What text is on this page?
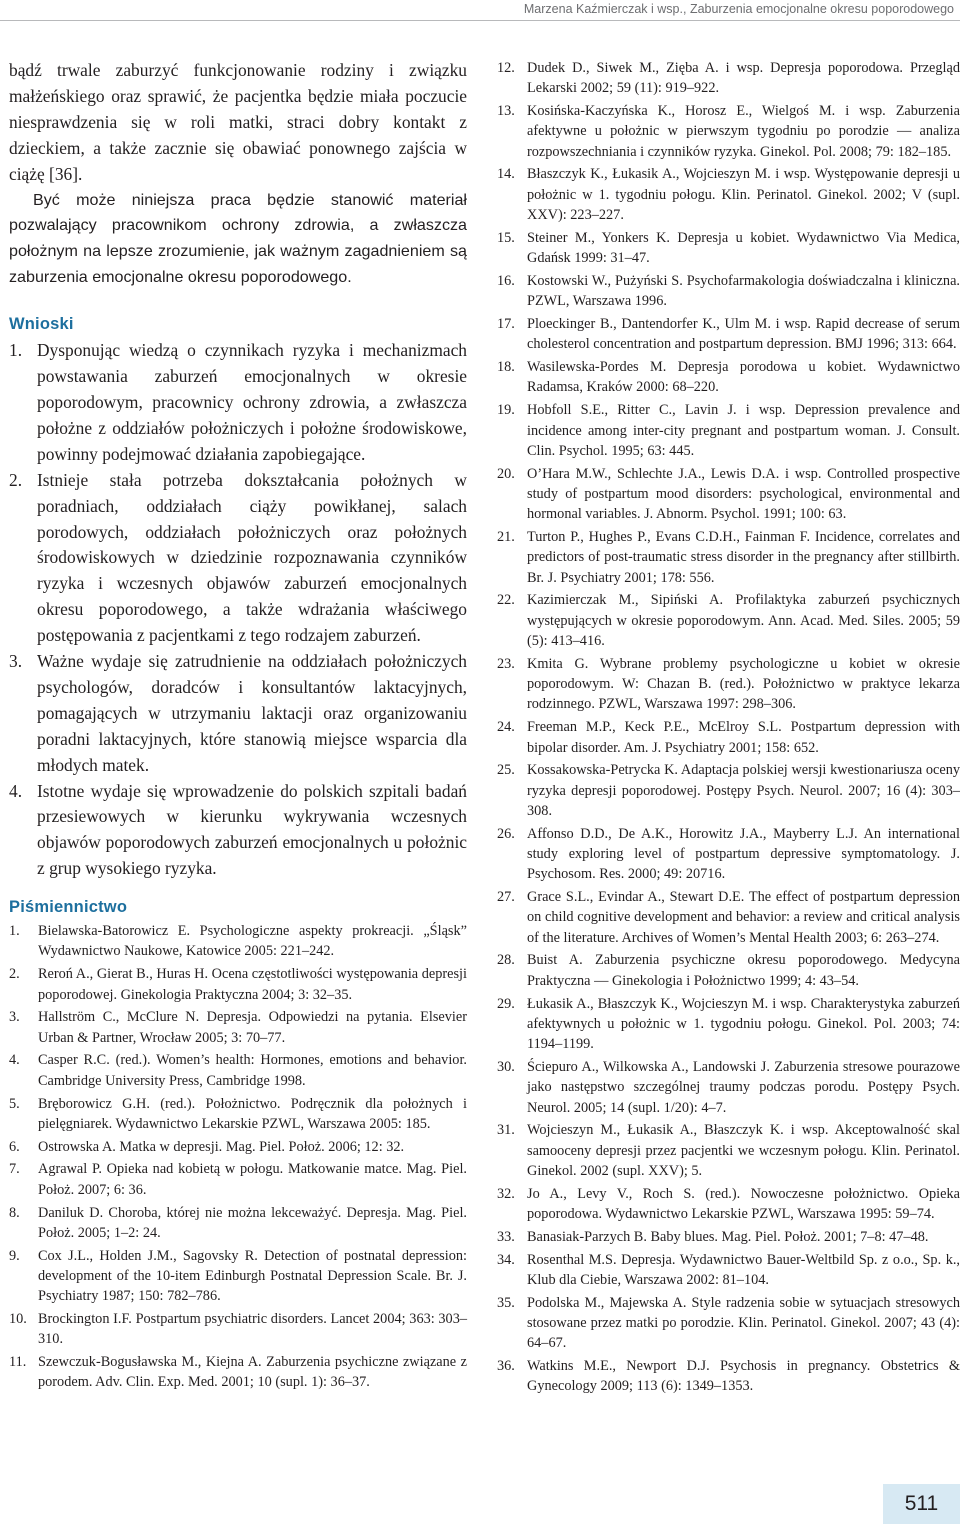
Marzena Kaźmierczak i wsp., Zaburzenia emocjonalne okresu poporodowego

bądź trwale zaburzyć funkcjonowanie rodziny i związku małżeńskiego oraz sprawić, że pacjentka będzie miała poczucie niesprawdzenia się w roli matki, straci dobry kontakt z dzieckiem, a także zacznie się obawiać ponownego zajścia w ciążę [36].

Być może niniejsza praca będzie stanowić materiał pozwalający pracownikom ochrony zdrowia, a zwłaszcza położnym na lepsze zrozumienie, jak ważnym zagadnieniem są zaburzenia emocjonalne okresu poporodowego.

Wnioski
1. Dysponując wiedzą o czynnikach ryzyka i mechanizmach powstawania zaburzeń emocjonalnych w okresie poporodowym, pracownicy ochrony zdrowia, a zwłaszcza położne z oddziałów położniczych i położne środowiskowe, powinny podejmować działania zapobiegające.
2. Istnieje stała potrzeba dokształcania położnych w poradniach, oddziałach ciąży powikłanej, salach porodowych, oddziałach położniczych oraz położnych środowiskowych w dziedzinie rozpoznawania czynników ryzyka i wczesnych objawów zaburzeń emocjonalnych okresu poporodowego, a także wdrażania właściwego postępowania z pacjentkami z tego rodzajem zaburzeń.
3. Ważne wydaje się zatrudnienie na oddziałach położniczych psychologów, doradców i konsultantów laktacyjnych, pomagających w utrzymaniu laktacji oraz organizowaniu poradni laktacyjnych, które stanowią miejsce wsparcia dla młodych matek.
4. Istotne wydaje się wprowadzenie do polskich szpitali badań przesiewowych w kierunku wykrywania wczesnych objawów poporodowych zaburzeń emocjonalnych u położnic z grup wysokiego ryzyka.
Piśmiennictwo
1.	Bielawska-Batorowicz E. Psychologiczne aspekty prokreacji. „Śląsk” Wydawnictwo Naukowe, Katowice 2005: 221–242.
2.	Reroń A., Gierat B., Huras H. Ocena częstotliwości występowania depresji poporodowej. Ginekologia Praktyczna 2004; 3: 32–35.
3.	Hallström C., McClure N. Depresja. Odpowiedzi na pytania. Elsevier Urban & Partner, Wrocław 2005; 3: 70–77.
4.	Casper R.C. (red.). Women’s health: Hormones, emotions and behavior. Cambridge University Press, Cambridge 1998.
5.	Bręborowicz G.H. (red.). Położnictwo. Podręcznik dla położnych i pielęgniarek. Wydawnictwo Lekarskie PZWL, Warszawa 2005: 185.
6.	Ostrowska A. Matka w depresji. Mag. Piel. Położ. 2006; 12: 32.
7.	Agrawal P. Opieka nad kobietą w połogu. Matkowanie matce. Mag. Piel. Położ. 2007; 6: 36.
8.	Daniluk D. Choroba, której nie można lekceważyć. Depresja. Mag. Piel. Położ. 2005; 1–2: 24.
9.	Cox J.L., Holden J.M., Sagovsky R. Detection of postnatal depression: development of the 10-item Edinburgh Postnatal Depression Scale. Br. J. Psychiatry 1987; 150: 782–786.
10. Brockington I.F. Postpartum psychiatric disorders. Lancet 2004; 363: 303–310.
11. Szewczuk-Bogusławska M., Kiejna A. Zaburzenia psychiczne związane z porodem. Adv. Clin. Exp. Med. 2001; 10 (supl. 1): 36–37.
12. Dudek D., Siwek M., Zięba A. i wsp. Depresja poporodowa. Przegląd Lekarski 2002; 59 (11): 919–922.
13. Kosińska-Kaczyńska K., Horosz E., Wielgoś M. i wsp. Zaburzenia afektywne u położnic w pierwszym tygodniu po porodzie — analiza rozpowszechniania i czynników ryzyka. Ginekol. Pol. 2008; 79: 182–185.
14. Błaszczyk K., Łukasik A., Wojcieszyn M. i wsp. Występowanie depresji u położnic w 1. tygodniu połogu. Klin. Perinatol. Ginekol. 2002; V (supl. XXV): 223–227.
15. Steiner M., Yonkers K. Depresja u kobiet. Wydawnictwo Via Medica, Gdańsk 1999: 31–47.
16. Kostowski W., Pużyński S. Psychofarmakologia doświadczalna i kliniczna. PZWL, Warszawa 1996.
17. Ploeckinger B., Dantendorfer K., Ulm M. i wsp. Rapid decrease of serum cholesterol concentration and postpartum depression. BMJ 1996; 313: 664.
18. Wasilewska-Pordes M. Depresja porodowa u kobiet. Wydawnictwo Radamsa, Kraków 2000: 68–220.
19. Hobfoll S.E., Ritter C., Lavin J. i wsp. Depression prevalence and incidence among inter-city pregnant and postpartum woman. J. Consult. Clin. Psychol. 1995; 63: 445.
20. O’Hara M.W., Schlechte J.A., Lewis D.A. i wsp. Controlled prospective study of postpartum mood disorders: psychological, environmental and hormonal variables. J. Abnorm. Psychol. 1991; 100: 63.
21. Turton P., Hughes P., Evans C.D.H., Fainman F. Incidence, correlates and predictors of post-traumatic stress disorder in the pregnancy after stillbirth. Br. J. Psychiatry 2001; 178: 556.
22. Kazimierczak M., Sipiński A. Profilaktyka zaburzeń psychicznych występujących w okresie poporodowym. Ann. Acad. Med. Siles. 2005; 59 (5): 413–416.
23. Kmita G. Wybrane problemy psychologiczne u kobiet w okresie poporodowym. W: Chazan B. (red.). Położnictwo w praktyce lekarza rodzinnego. PZWL, Warszawa 1997: 298–306.
24. Freeman M.P., Keck P.E., McElroy S.L. Postpartum depression with bipolar disorder. Am. J. Psychiatry 2001; 158: 652.
25. Kossakowska-Petrycka K. Adaptacja polskiej wersji kwestionariusza oceny ryzyka depresji poporodowej. Postępy Psych. Neurol. 2007; 16 (4): 303–308.
26. Affonso D.D., De A.K., Horowitz J.A., Mayberry L.J. An international study exploring level of postpartum depressive symptomatology. J. Psychosom. Res. 2000; 49: 20716.
27. Grace S.L., Evindar A., Stewart D.E. The effect of postpartum depression on child cognitive development and behavior: a review and critical analysis of the literature. Archives of Women’s Mental Health 2003; 6: 263–274.
28. Buist A. Zaburzenia psychiczne okresu poporodowego. Medycyna Praktyczna — Ginekologia i Położnictwo 1999; 4: 43–54.
29. Łukasik A., Błaszczyk K., Wojcieszyn M. i wsp. Charakterystyka zaburzeń afektywnych u położnic w 1. tygodniu połogu. Ginekol. Pol. 2003; 74: 1194–1199.
30. Ściepuro A., Wilkowska A., Landowski J. Zaburzenia stresowe pourazowe jako następstwo szczególnej traumy podczas porodu. Postępy Psych. Neurol. 2005; 14 (supl. 1/20): 4–7.
31. Wojcieszyn M., Łukasik A., Błaszczyk K. i wsp. Akceptowalność skal samooceny depresji przez pacjentki we wczesnym połogu. Klin. Perinatol. Ginekol. 2002 (supl. XXV); 5.
32. Jo A., Levy V., Roch S. (red.). Nowoczesne położnictwo. Opieka poporodowa. Wydawnictwo Lekarskie PZWL, Warszawa 1995: 59–74.
33. Banasiak-Parzych B. Baby blues. Mag. Piel. Położ. 2001; 7–8: 47–48.
34. Rosenthal M.S. Depresja. Wydawnictwo Bauer-Weltbild Sp. z o.o., Sp. k., Klub dla Ciebie, Warszawa 2002: 81–104.
35. Podolska M., Majewska A. Style radzenia sobie w sytuacjach stresowych stosowane przez matki po porodzie. Klin. Perinatol. Ginekol. 2007; 43 (4): 64–67.
36. Watkins M.E., Newport D.J. Psychosis in pregnancy. Obstetrics & Gynecology 2009; 113 (6): 1349–1353.
511
